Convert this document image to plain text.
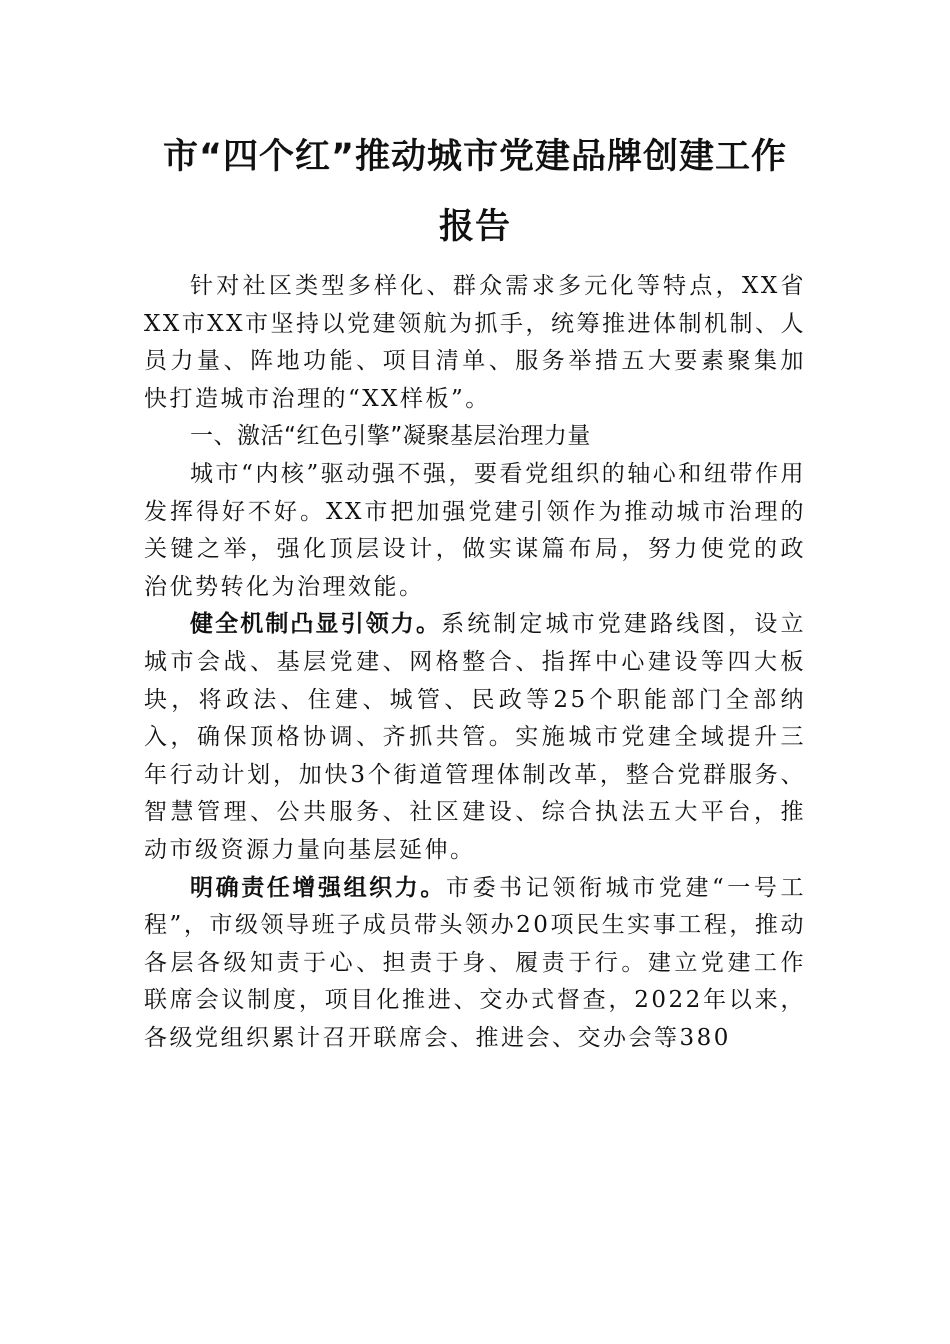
市“四个红”推动城市党建品牌创建工作
报告

针对社区类型多样化、群众需求多元化等特点，XX省XX市XX市坚持以党建领航为抓手，统筹推进体制机制、人员力量、阵地功能、项目清单、服务举措五大要素聚集加快打造城市治理的“XX样板”。

一、激活“红色引擎”凝聚基层治理力量

城市“内核”驱动强不强，要看党组织的轴心和纽带作用发挥得好不好。XX市把加强党建引领作为推动城市治理的关键之举，强化顶层设计，做实谋篇布局，努力使党的政治优势转化为治理效能。

健全机制凸显引领力。系统制定城市党建路线图，设立城市会战、基层党建、网格整合、指挥中心建设等四大板块，将政法、住建、城管、民政等25个职能部门全部纳入，确保顶格协调、齐抓共管。实施城市党建全域提升三年行动计划，加快3个街道管理体制改革，整合党群服务、智慧管理、公共服务、社区建设、综合执法五大平台，推动市级资源力量向基层延伸。

明确责任增强组织力。市委书记领衔城市党建“一号工程”，市级领导班子成员带头领办20项民生实事工程，推动各层各级知责于心、担责于身、履责于行。建立党建工作联席会议制度，项目化推进、交办式督查，2022年以来，各级党组织累计召开联席会、推进会、交办会等380
